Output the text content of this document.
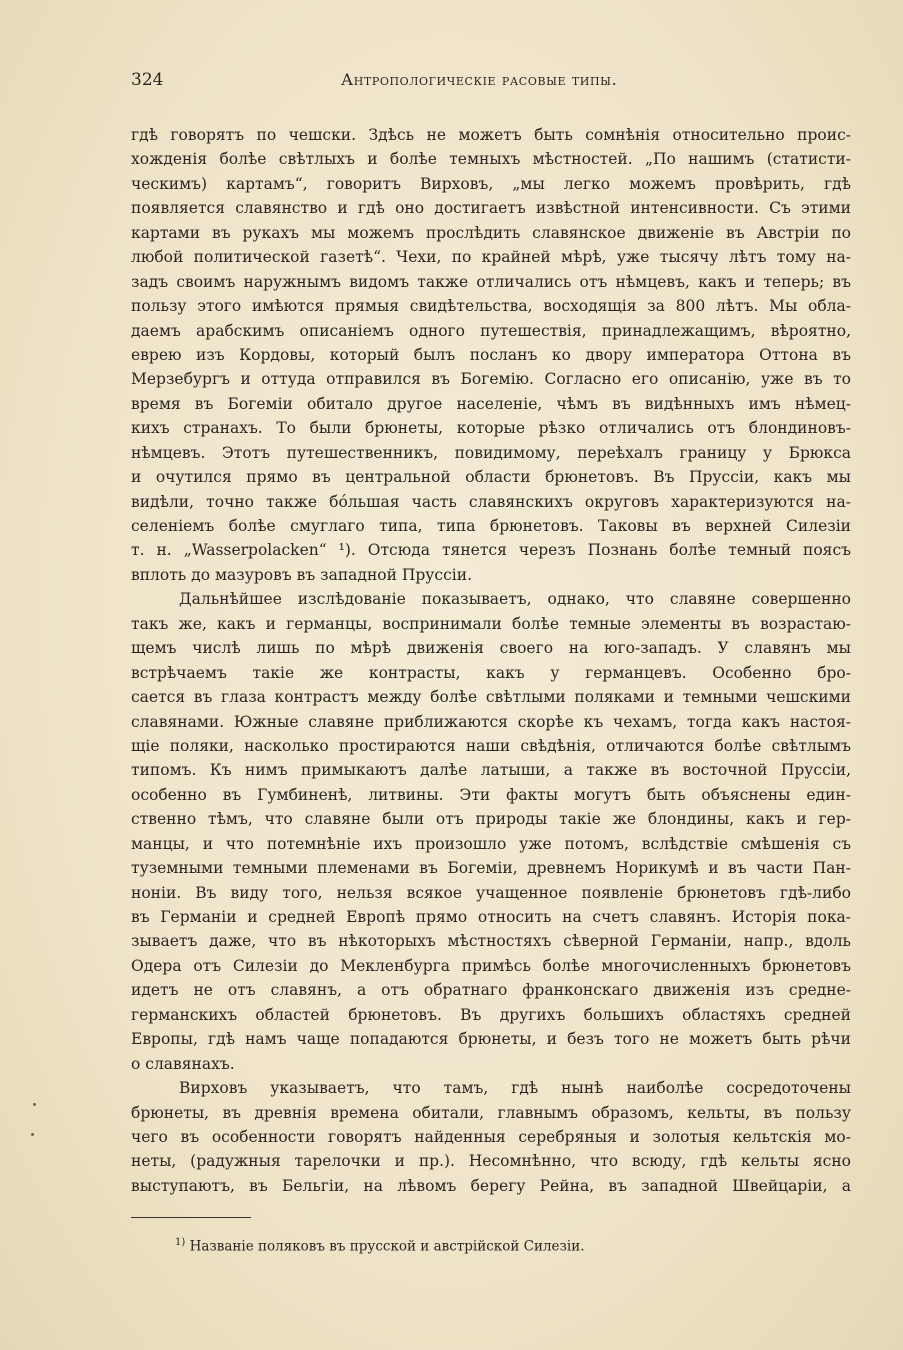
324	Антропологическіе расовые типы.
гдѣ говорятъ по чешски. Здѣсь не можетъ быть сомнѣнія относительно проис-
хожденія болѣе свѣтлыхъ и болѣе темныхъ мѣстностей. „По нашимъ (статисти-
ческимъ) картамъ“, говоритъ Вирховъ, „мы легко можемъ провѣрить, гдѣ
появляется славянство и гдѣ оно достигаетъ извѣстной интенсивности. Съ этими
картами въ рукахъ мы можемъ прослѣдить славянское движеніе въ Австріи по
любой политической газетѣ“. Чехи, по крайней мѣрѣ, уже тысячу лѣтъ тому на-
задъ своимъ наружнымъ видомъ также отличались отъ нѣмцевъ, какъ и теперь; въ
пользу этого имѣются прямыя свидѣтельства, восходящія за 800 лѣтъ. Мы обла-
даемъ арабскимъ описаніемъ одного путешествія, принадлежащимъ, вѣроятно,
еврею изъ Кордовы, который былъ посланъ ко двору императора Оттона въ
Мерзебургъ и оттуда отправился въ Богемію. Согласно его описанію, уже въ то
время въ Богеміи обитало другое населеніе, чѣмъ въ видѣнныхъ имъ нѣмец-
кихъ странахъ. То были брюнеты, которые рѣзко отличались отъ блондиновъ-
нѣмцевъ. Этотъ путешественникъ, повидимому, переѣхалъ границу у Брюкса
и очутился прямо въ центральной области брюнетовъ. Въ Пруссіи, какъ мы
видѣли, точно также бóльшая часть славянскихъ округовъ характеризуются на-
селеніемъ болѣе смуглаго типа, типа брюнетовъ. Таковы въ верхней Силезіи
т. н. „Wasserpolacken“ ¹). Отсюда тянется черезъ Познань болѣе темный поясъ
вплоть до мазуровъ въ западной Пруссіи.
Дальнѣйшее изслѣдованіе показываетъ, однако, что славяне совершенно
такъ же, какъ и германцы, воспринимали болѣе темные элементы въ возрастаю-
щемъ числѣ лишь по мѣрѣ движенія своего на юго-западъ. У славянъ мы
встрѣчаемъ такіе же контрасты, какъ у германцевъ. Особенно бро-
сается въ глаза контрастъ между болѣе свѣтлыми поляками и темными чешскими
славянами. Южные славяне приближаются скорѣе къ чехамъ, тогда какъ настоя-
щіе поляки, насколько простираются наши свѣдѣнія, отличаются болѣе свѣтлымъ
типомъ. Къ нимъ примыкаютъ далѣе латыши, а также въ восточной Пруссіи,
особенно въ Гумбиненѣ, литвины. Эти факты могутъ быть объяснены един-
ственно тѣмъ, что славяне были отъ природы такіе же блондины, какъ и гер-
манцы, и что потемнѣніе ихъ произошло уже потомъ, вслѣдствіе смѣшенія съ
туземными темными племенами въ Богеміи, древнемъ Норикумѣ и въ части Пан-
ноніи. Въ виду того, нельзя всякое учащенное появленіе брюнетовъ гдѣ-либо
въ Германіи и средней Европѣ прямо относить на счетъ славянъ. Исторія пока-
зываетъ даже, что въ нѣкоторыхъ мѣстностяхъ сѣверной Германіи, напр., вдоль
Одера отъ Силезіи до Мекленбурга примѣсь болѣе многочисленныхъ брюнетовъ
идетъ не отъ славянъ, а отъ обратнаго франконскаго движенія изъ средне-
германскихъ областей брюнетовъ. Въ другихъ большихъ областяхъ средней
Европы, гдѣ намъ чаще попадаются брюнеты, и безъ того не можетъ быть рѣчи
о славянахъ.
Вирховъ указываетъ, что тамъ, гдѣ нынѣ наиболѣе сосредоточены
брюнеты, въ древнія времена обитали, главнымъ образомъ, кельты, въ пользу
чего въ особенности говорятъ найденныя серебряныя и золотыя кельтскія мо-
неты, (радужныя тарелочки и пр.). Несомнѣнно, что всюду, гдѣ кельты ясно
выступаютъ, въ Бельгіи, на лѣвомъ берегу Рейна, въ западной Швейцаріи, а
$^{1)}$ Названіе поляковъ въ прусской и австрійской Силезіи.
